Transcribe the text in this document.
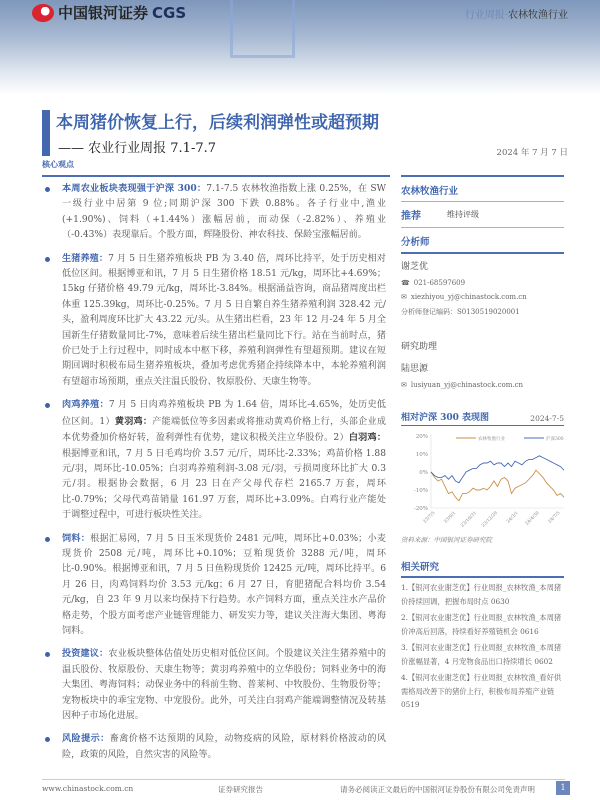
中国银河证券 CGS	行业周报·农林牧渔行业
本周猪价恢复上行，后续利润弹性或超预期
—— 农业行业周报 7.1-7.7	2024 年 7 月 7 日
核心观点

本周农业板块表现强于沪深 300：7.1-7.5 农林牧渔指数上涨 0.25%，在 SW 一级行业中居第 9 位;同期沪深 300 下跌 0.88%。各子行业中,渔业(+1.90%)、饲料（+1.44%）涨幅居前，而动保（-2.82%）、养殖业（-0.43%）表现靠后。个股方面，辉隆股份、神农科技、保龄宝涨幅居前。

生猪养殖：7 月 5 日生猪养殖板块 PB 为 3.40 倍，周环比持平，处于历史相对低位区间。根据博亚和讯，7 月 5 日生猪价格 18.51 元/kg，周环比+4.69%；15kg 仔猪价格 49.79 元/kg，周环比-3.84%。根据涌益咨询，商品猪周度出栏体重 125.39kg，周环比-0.25%。7 月 5 日自繁自养生猪养殖利润 328.42 元/头，盈利周度环比扩大 43.22 元/头。从生猪出栏看，23 年 12 月-24 年 5 月全国新生仔猪数量同比-7%，意味着后续生猪出栏量同比下行。站在当前时点，猪价已处于上行过程中，同时成本中枢下移，养殖利润弹性有望超预期。建议在短期回调时积极布局生猪养殖板块，叠加考虑优秀猪企持续降本中，本轮养殖利润有望超市场预期，重点关注温氏股份、牧原股份、天康生物等。

肉鸡养殖：7 月 5 日肉鸡养殖板块 PB 为 1.64 倍，周环比-4.65%，处历史低位区间。1）黄羽鸡：产能端低位等多因素或将推动黄鸡价格上行，头部企业成本优势叠加价格好转，盈利弹性有优势，建议积极关注立华股份。2）白羽鸡：根据博亚和讯，7 月 5 日毛鸡均价 3.57 元/斤，周环比-2.33%；鸡苗价格 1.88 元/羽，周环比-10.05%；白羽鸡养殖利润-3.08 元/羽，亏损周度环比扩大 0.3 元/羽。根据协会数据，6 月 23 日在产父母代存栏 2165.7 万套，周环比-0.79%；父母代鸡苗销量 161.97 万套，周环比+3.09%。白鸡行业产能处于调整过程中，可进行板块性关注。

饲料：根据汇易网，7 月 5 日玉米现货价 2481 元/吨，周环比+0.03%；小麦现货价 2508 元/吨，周环比+0.10%；豆粕现货价 3288 元/吨，周环比-0.90%。根据博亚和讯，7 月 5 日鱼粉现货价 12425 元/吨，周环比持平。6 月 26 日，肉鸡饲料均价 3.53 元/kg；6 月 27 日，育肥猪配合料均价 3.54 元/kg，自 23 年 9 月以来均保持下行趋势。水产饲料方面，重点关注水产品价格走势，个股方面考虑产业链管理能力、研发实力等，建议关注海大集团、粤海饲料。

投资建议：农业板块整体估值处历史相对低位区间。个股建议关注生猪养殖中的温氏股份、牧原股份、天康生物等；黄羽鸡养殖中的立华股份；饲料业务中的海大集团、粤海饲料；动保业务中的科前生物、普莱柯、中牧股份、生物股份等；宠物板块中的乖宝宠物、中宠股份。此外，可关注白羽鸡产能端调整情况及转基因种子市场化进展。

风险提示：畜禽价格不达预期的风险，动物疫病的风险，原材料价格波动的风险，政策的风险，自然灾害的风险等。

农林牧渔行业
推荐	维持评级
分析师
谢芝优
☎ 021-68597609
✉ xiezhiyou_yj@chinastock.com.cn
分析师登记编码：S0130519020001
研究助理
陆思源
✉ lusiyuan_yj@chinastock.com.cn
相对沪深 300 表现图	2024-7-5
20%
10%
0%
-10%
-20%
23/7/5 23/9/1 23/10/31 23/12/29 24/3/1 24/4/30 24/7/5
农林牧渔行业	沪深300
资料来源：中国银河证券研究院
相关研究
1.【银河农业谢芝优】行业周报_农林牧渔_本周猪价持续回调，把握布局时点 0630
2.【银河农业谢芝优】行业周报_农林牧渔_本周猪价冲高后回落，持续看好养殖链机会 0616
3.【银河农业谢芝优】行业周报_农林牧渔_本周猪价涨幅显著，4 月宠物食品出口持续增长 0602
4.【银河农业谢芝优】行业周报_农林牧渔_看好供需格局改善下的猪价上行，积极布局养殖产业链 0519
www.chinastock.com.cn	证券研究报告	请务必阅读正文最后的中国银河证券股份有限公司免责声明	1
